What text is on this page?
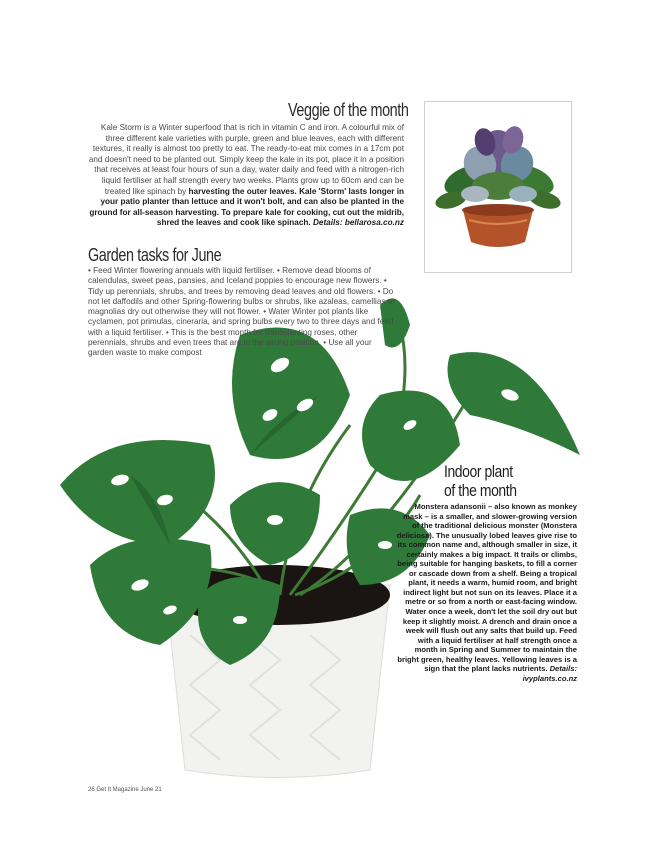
Veggie of the month
Kale Storm is a Winter superfood that is rich in vitamin C and iron. A colourful mix of three different kale varieties with purple, green and blue leaves, each with different textures, it really is almost too pretty to eat. The ready-to-eat mix comes in a 17cm pot and doesn't need to be planted out. Simply keep the kale in its pot, place it in a position that receives at least four hours of sun a day, water daily and feed with a nitrogen-rich liquid fertiliser at half strength every two weeks. Plants grow up to 60cm and can be treated like spinach by harvesting the outer leaves. Kale 'Storm' lasts longer in your patio planter than lettuce and it won't bolt, and can also be planted in the ground for all-season harvesting. To prepare kale for cooking, cut out the midrib, shred the leaves and cook like spinach. Details: bellarosa.co.nz
Garden tasks for June
• Feed Winter flowering annuals with liquid fertiliser. • Remove dead blooms of calendulas, sweet peas, pansies, and Iceland poppies to encourage new flowers. • Tidy up perennials, shrubs, and trees by removing dead leaves and old flowers. • Do not let daffodils and other Spring-flowering bulbs or shrubs, like azaleas, camellias or magnolias dry out otherwise they will not flower. • Water Winter pot plants like cyclamen, pot primulas, cineraria, and spring bulbs every two to three days and feed with a liquid fertiliser. • This is the best month for transplanting roses, other perennials, shrubs and even trees that are in the wrong position. • Use all your garden waste to make compost
Indoor plant
of the month
Monstera adansonii – also known as monkey mask – is a smaller, and slower-growing version of the traditional delicious monster (Monstera deliciosa). The unusually lobed leaves give rise to its common name and, although smaller in size, it certainly makes a big impact. It trails or climbs, being suitable for hanging baskets, to fill a corner or cascade down from a shelf. Being a tropical plant, it needs a warm, humid room, and bright indirect light but not sun on its leaves. Place it a metre or so from a north or east-facing window. Water once a week, don't let the soil dry out but keep it slightly moist. A drench and drain once a week will flush out any salts that build up. Feed with a liquid fertiliser at half strength once a month in Spring and Summer to maintain the bright green, healthy leaves. Yellowing leaves is a sign that the plant lacks nutrients. Details: ivyplants.co.nz
26 Get It Magazine June 21
